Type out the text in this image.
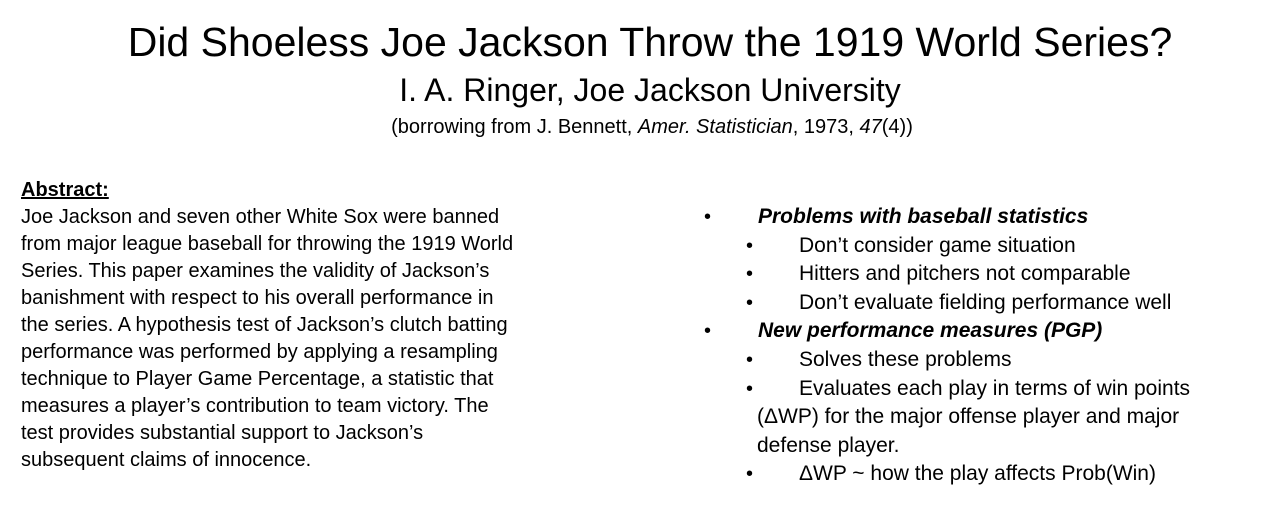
Did Shoeless Joe Jackson Throw the 1919 World Series?
I. A. Ringer, Joe Jackson University
(borrowing from J. Bennett, Amer. Statistician, 1973, 47(4))
Abstract:
Joe Jackson and seven other White Sox were banned
from major league baseball for throwing the 1919 World
Series. This paper examines the validity of Jackson’s
banishment with respect to his overall performance in
the series. A hypothesis test of Jackson’s clutch batting
performance was performed by applying a resampling
technique to Player Game Percentage, a statistic that
measures a player’s contribution to team victory. The
test provides substantial support to Jackson’s
subsequent claims of innocence.
• Problems with baseball statistics
• Don’t consider game situation
• Hitters and pitchers not comparable
• Don’t evaluate fielding performance well
• New performance measures (PGP)
• Solves these problems
• Evaluates each play in terms of win points
(ΔWP) for the major offense player and major
defense player.
• ΔWP ~ how the play affects Prob(Win)
